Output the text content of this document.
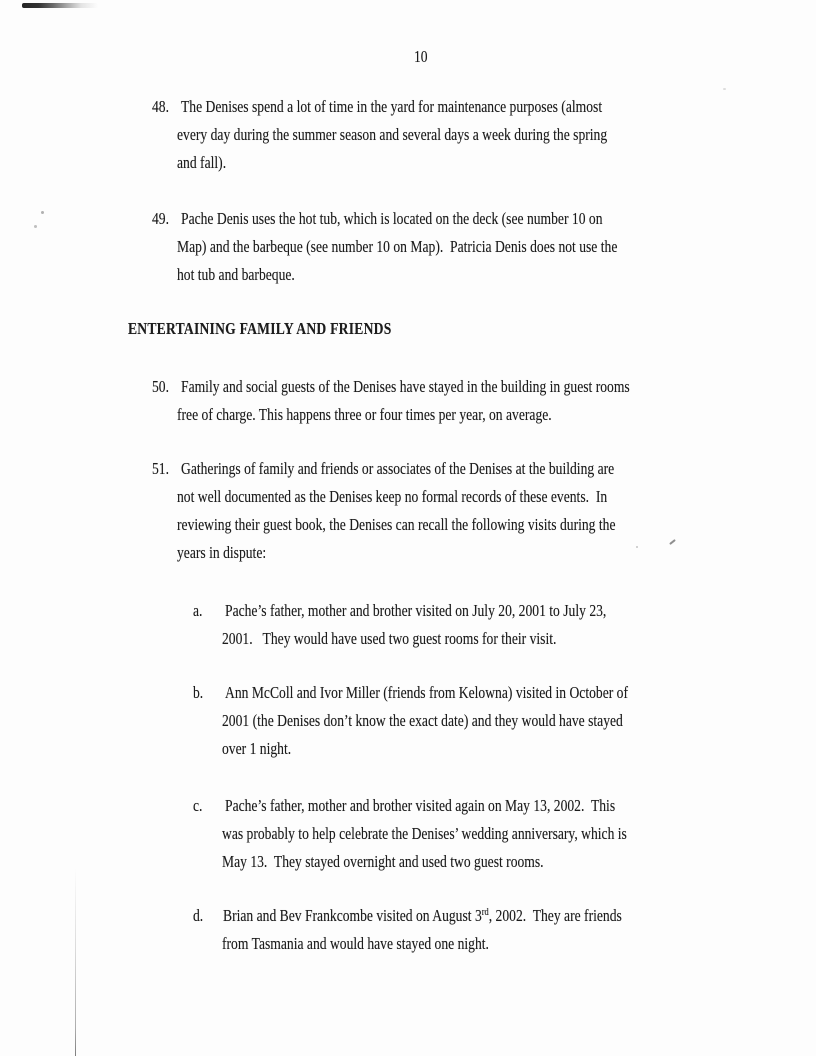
10
48. The Denises spend a lot of time in the yard for maintenance purposes (almost
every day during the summer season and several days a week during the spring
and fall).
49. Pache Denis uses the hot tub, which is located on the deck (see number 10 on
Map) and the barbeque (see number 10 on Map).  Patricia Denis does not use the
hot tub and barbeque.
ENTERTAINING FAMILY AND FRIENDS
50. Family and social guests of the Denises have stayed in the building in guest rooms
free of charge. This happens three or four times per year, on average.
51. Gatherings of family and friends or associates of the Denises at the building are
not well documented as the Denises keep no formal records of these events.  In
reviewing their guest book, the Denises can recall the following visits during the
years in dispute:
a. Pache’s father, mother and brother visited on July 20, 2001 to July 23,
2001.   They would have used two guest rooms for their visit.
b. Ann McColl and Ivor Miller (friends from Kelowna) visited in October of
2001 (the Denises don’t know the exact date) and they would have stayed
over 1 night.
c. Pache’s father, mother and brother visited again on May 13, 2002.  This
was probably to help celebrate the Denises’ wedding anniversary, which is
May 13.  They stayed overnight and used two guest rooms.
d. Brian and Bev Frankcombe visited on August 3rd, 2002.  They are friends
from Tasmania and would have stayed one night.
